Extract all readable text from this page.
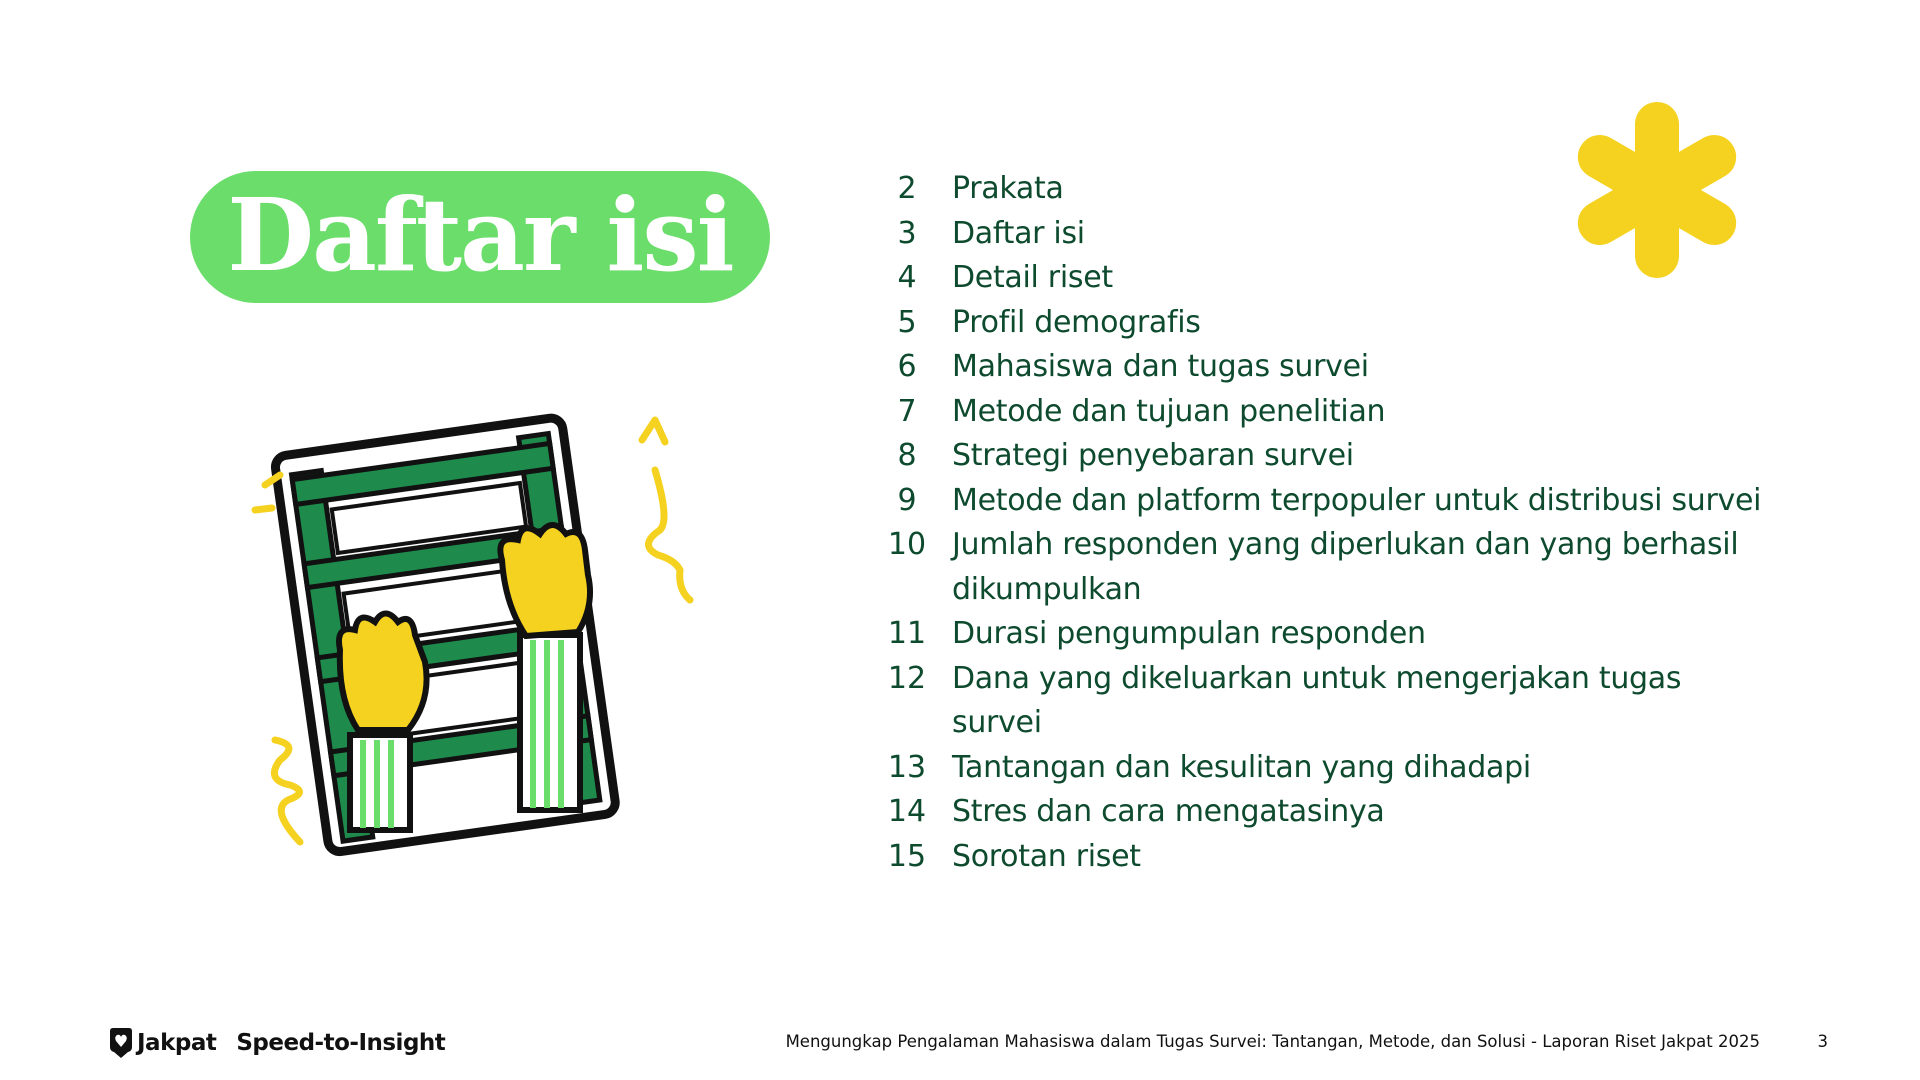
Daftar isi	2	Prakata
3	Daftar isi
4	Detail riset
5	Profil demografis
6	Mahasiswa dan tugas survei
7	Metode dan tujuan penelitian
8	Strategi penyebaran survei
9	Metode dan platform terpopuler untuk distribusi survei
10 Jumlah responden yang diperlukan dan yang berhasil dikumpulkan
11 Durasi pengumpulan responden
12 Dana yang dikeluarkan untuk mengerjakan tugas survei
13 Tantangan dan kesulitan yang dihadapi
14 Stres dan cara mengatasinya
15 Sorotan riset
Jakpat Speed-to-Insight	Mengungkap Pengalaman Mahasiswa dalam Tugas Survei: Tantangan, Metode, dan Solusi - Laporan Riset Jakpat 2025	3
